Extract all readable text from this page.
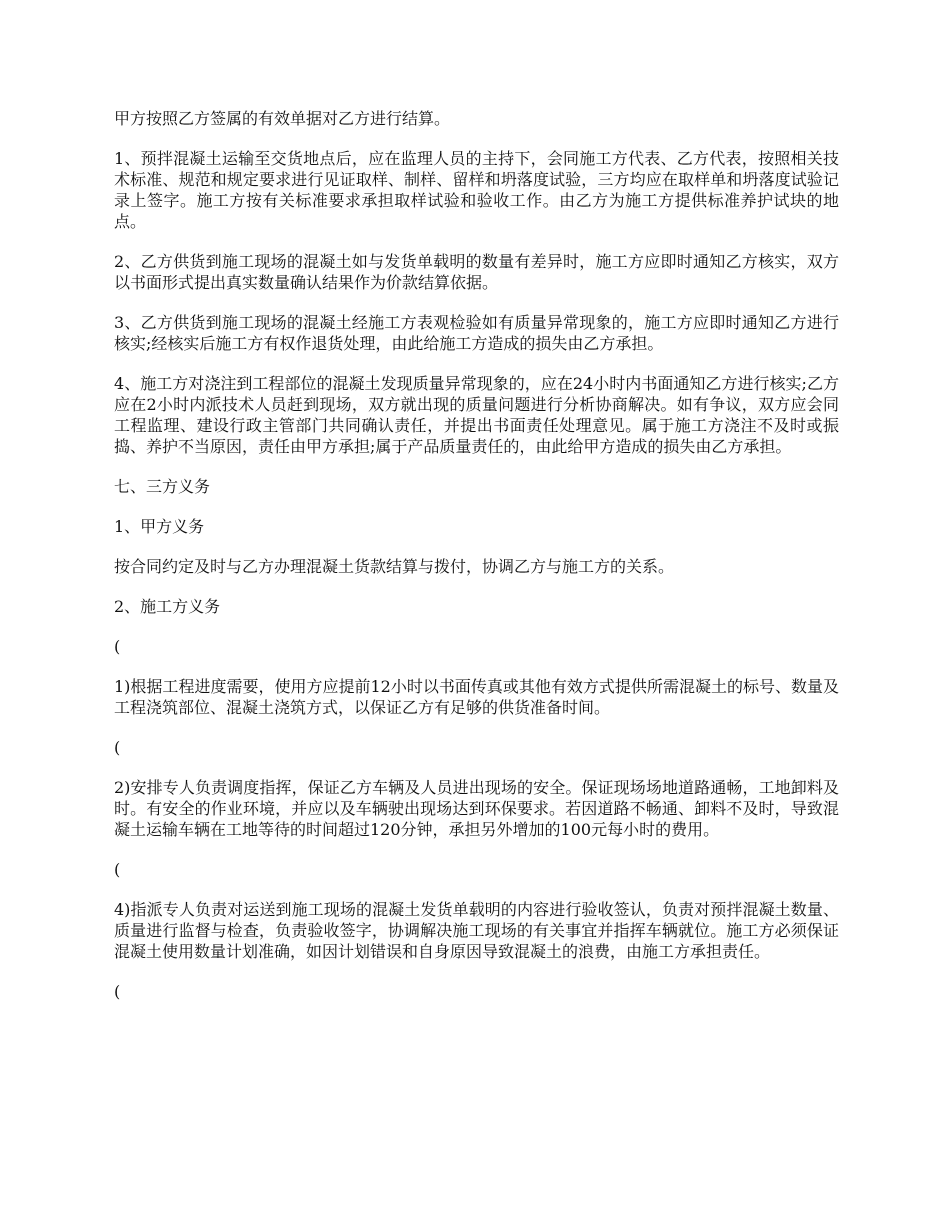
甲方按照乙方签属的有效单据对乙方进行结算。

1、预拌混凝土运输至交货地点后，应在监理人员的主持下，会同施工方代表、乙方代表，按照相关技术标准、规范和规定要求进行见证取样、制样、留样和坍落度试验，三方均应在取样单和坍落度试验记录上签字。施工方按有关标准要求承担取样试验和验收工作。由乙方为施工方提供标准养护试块的地点。

2、乙方供货到施工现场的混凝土如与发货单载明的数量有差异时，施工方应即时通知乙方核实，双方以书面形式提出真实数量确认结果作为价款结算依据。

3、乙方供货到施工现场的混凝土经施工方表观检验如有质量异常现象的，施工方应即时通知乙方进行核实;经核实后施工方有权作退货处理，由此给施工方造成的损失由乙方承担。

4、施工方对浇注到工程部位的混凝土发现质量异常现象的，应在24小时内书面通知乙方进行核实;乙方应在2小时内派技术人员赶到现场，双方就出现的质量问题进行分析协商解决。如有争议，双方应会同工程监理、建设行政主管部门共同确认责任，并提出书面责任处理意见。属于施工方浇注不及时或振捣、养护不当原因，责任由甲方承担;属于产品质量责任的，由此给甲方造成的损失由乙方承担。

七、三方义务

1、甲方义务

按合同约定及时与乙方办理混凝土货款结算与拨付，协调乙方与施工方的关系。

2、施工方义务

(

1)根据工程进度需要，使用方应提前12小时以书面传真或其他有效方式提供所需混凝土的标号、数量及工程浇筑部位、混凝土浇筑方式，以保证乙方有足够的供货准备时间。

(

2)安排专人负责调度指挥，保证乙方车辆及人员进出现场的安全。保证现场场地道路通畅，工地卸料及时。有安全的作业环境，并应以及车辆驶出现场达到环保要求。若因道路不畅通、卸料不及时，导致混凝土运输车辆在工地等待的时间超过120分钟，承担另外增加的100元每小时的费用。

(

4)指派专人负责对运送到施工现场的混凝土发货单载明的内容进行验收签认，负责对预拌混凝土数量、质量进行监督与检查，负责验收签字，协调解决施工现场的有关事宜并指挥车辆就位。施工方必须保证混凝土使用数量计划准确，如因计划错误和自身原因导致混凝土的浪费，由施工方承担责任。

(
